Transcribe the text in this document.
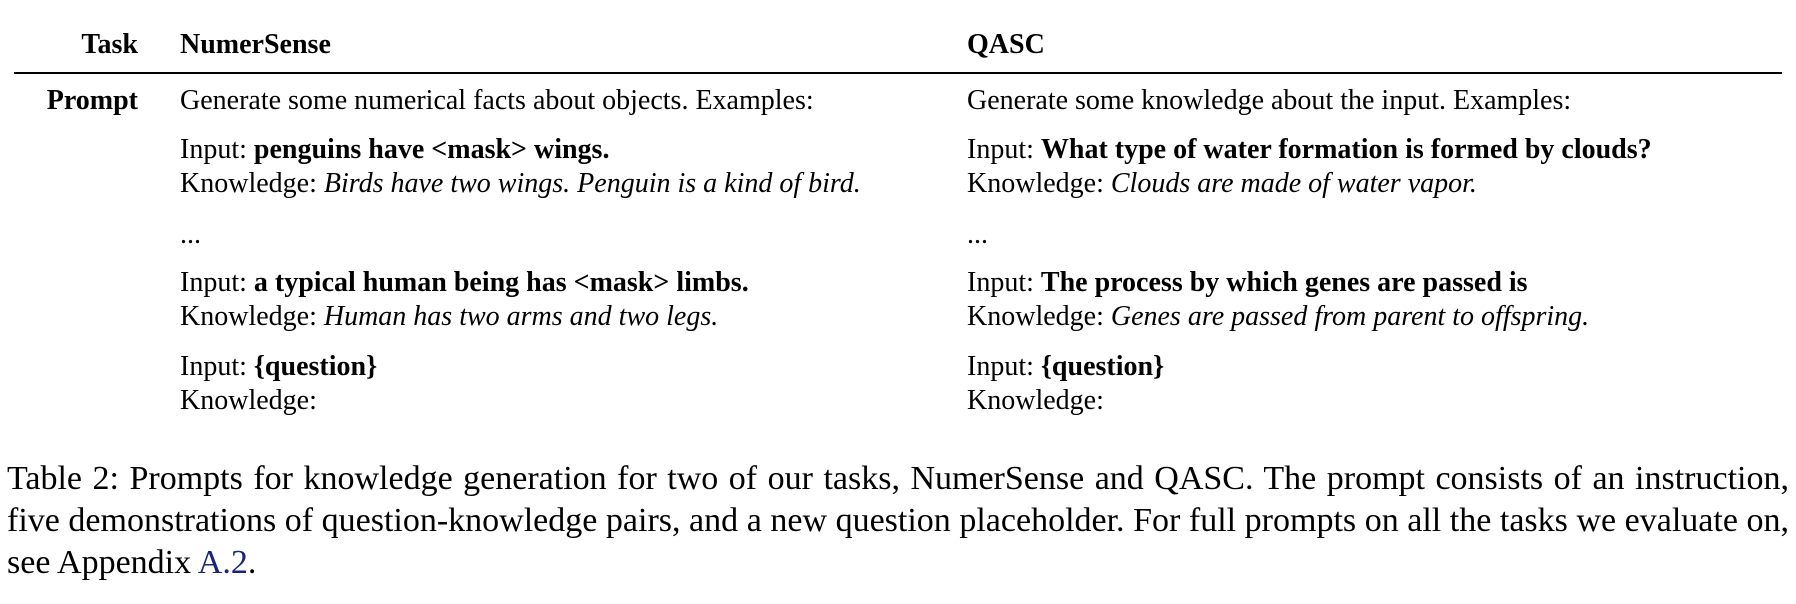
Task NumerSense	QASC
Prompt Generate some numerical facts about objects. Examples:
Input: penguins have <mask> wings.
Knowledge: Birds have two wings. Penguin is a kind of bird.
...
Input: a typical human being has <mask> limbs.
Knowledge: Human has two arms and two legs.
Input: {question}
Knowledge:
Generate some knowledge about the input. Examples:
Input: What type of water formation is formed by clouds?
Knowledge: Clouds are made of water vapor.
...
Input: The process by which genes are passed is
Knowledge: Genes are passed from parent to offspring.
Input: {question}
Knowledge:

Table 2: Prompts for knowledge generation for two of our tasks, NumerSense and QASC. The prompt consists of an instruction, five demonstrations of question-knowledge pairs, and a new question placeholder. For full prompts on all the tasks we evaluate on, see Appendix A.2.
